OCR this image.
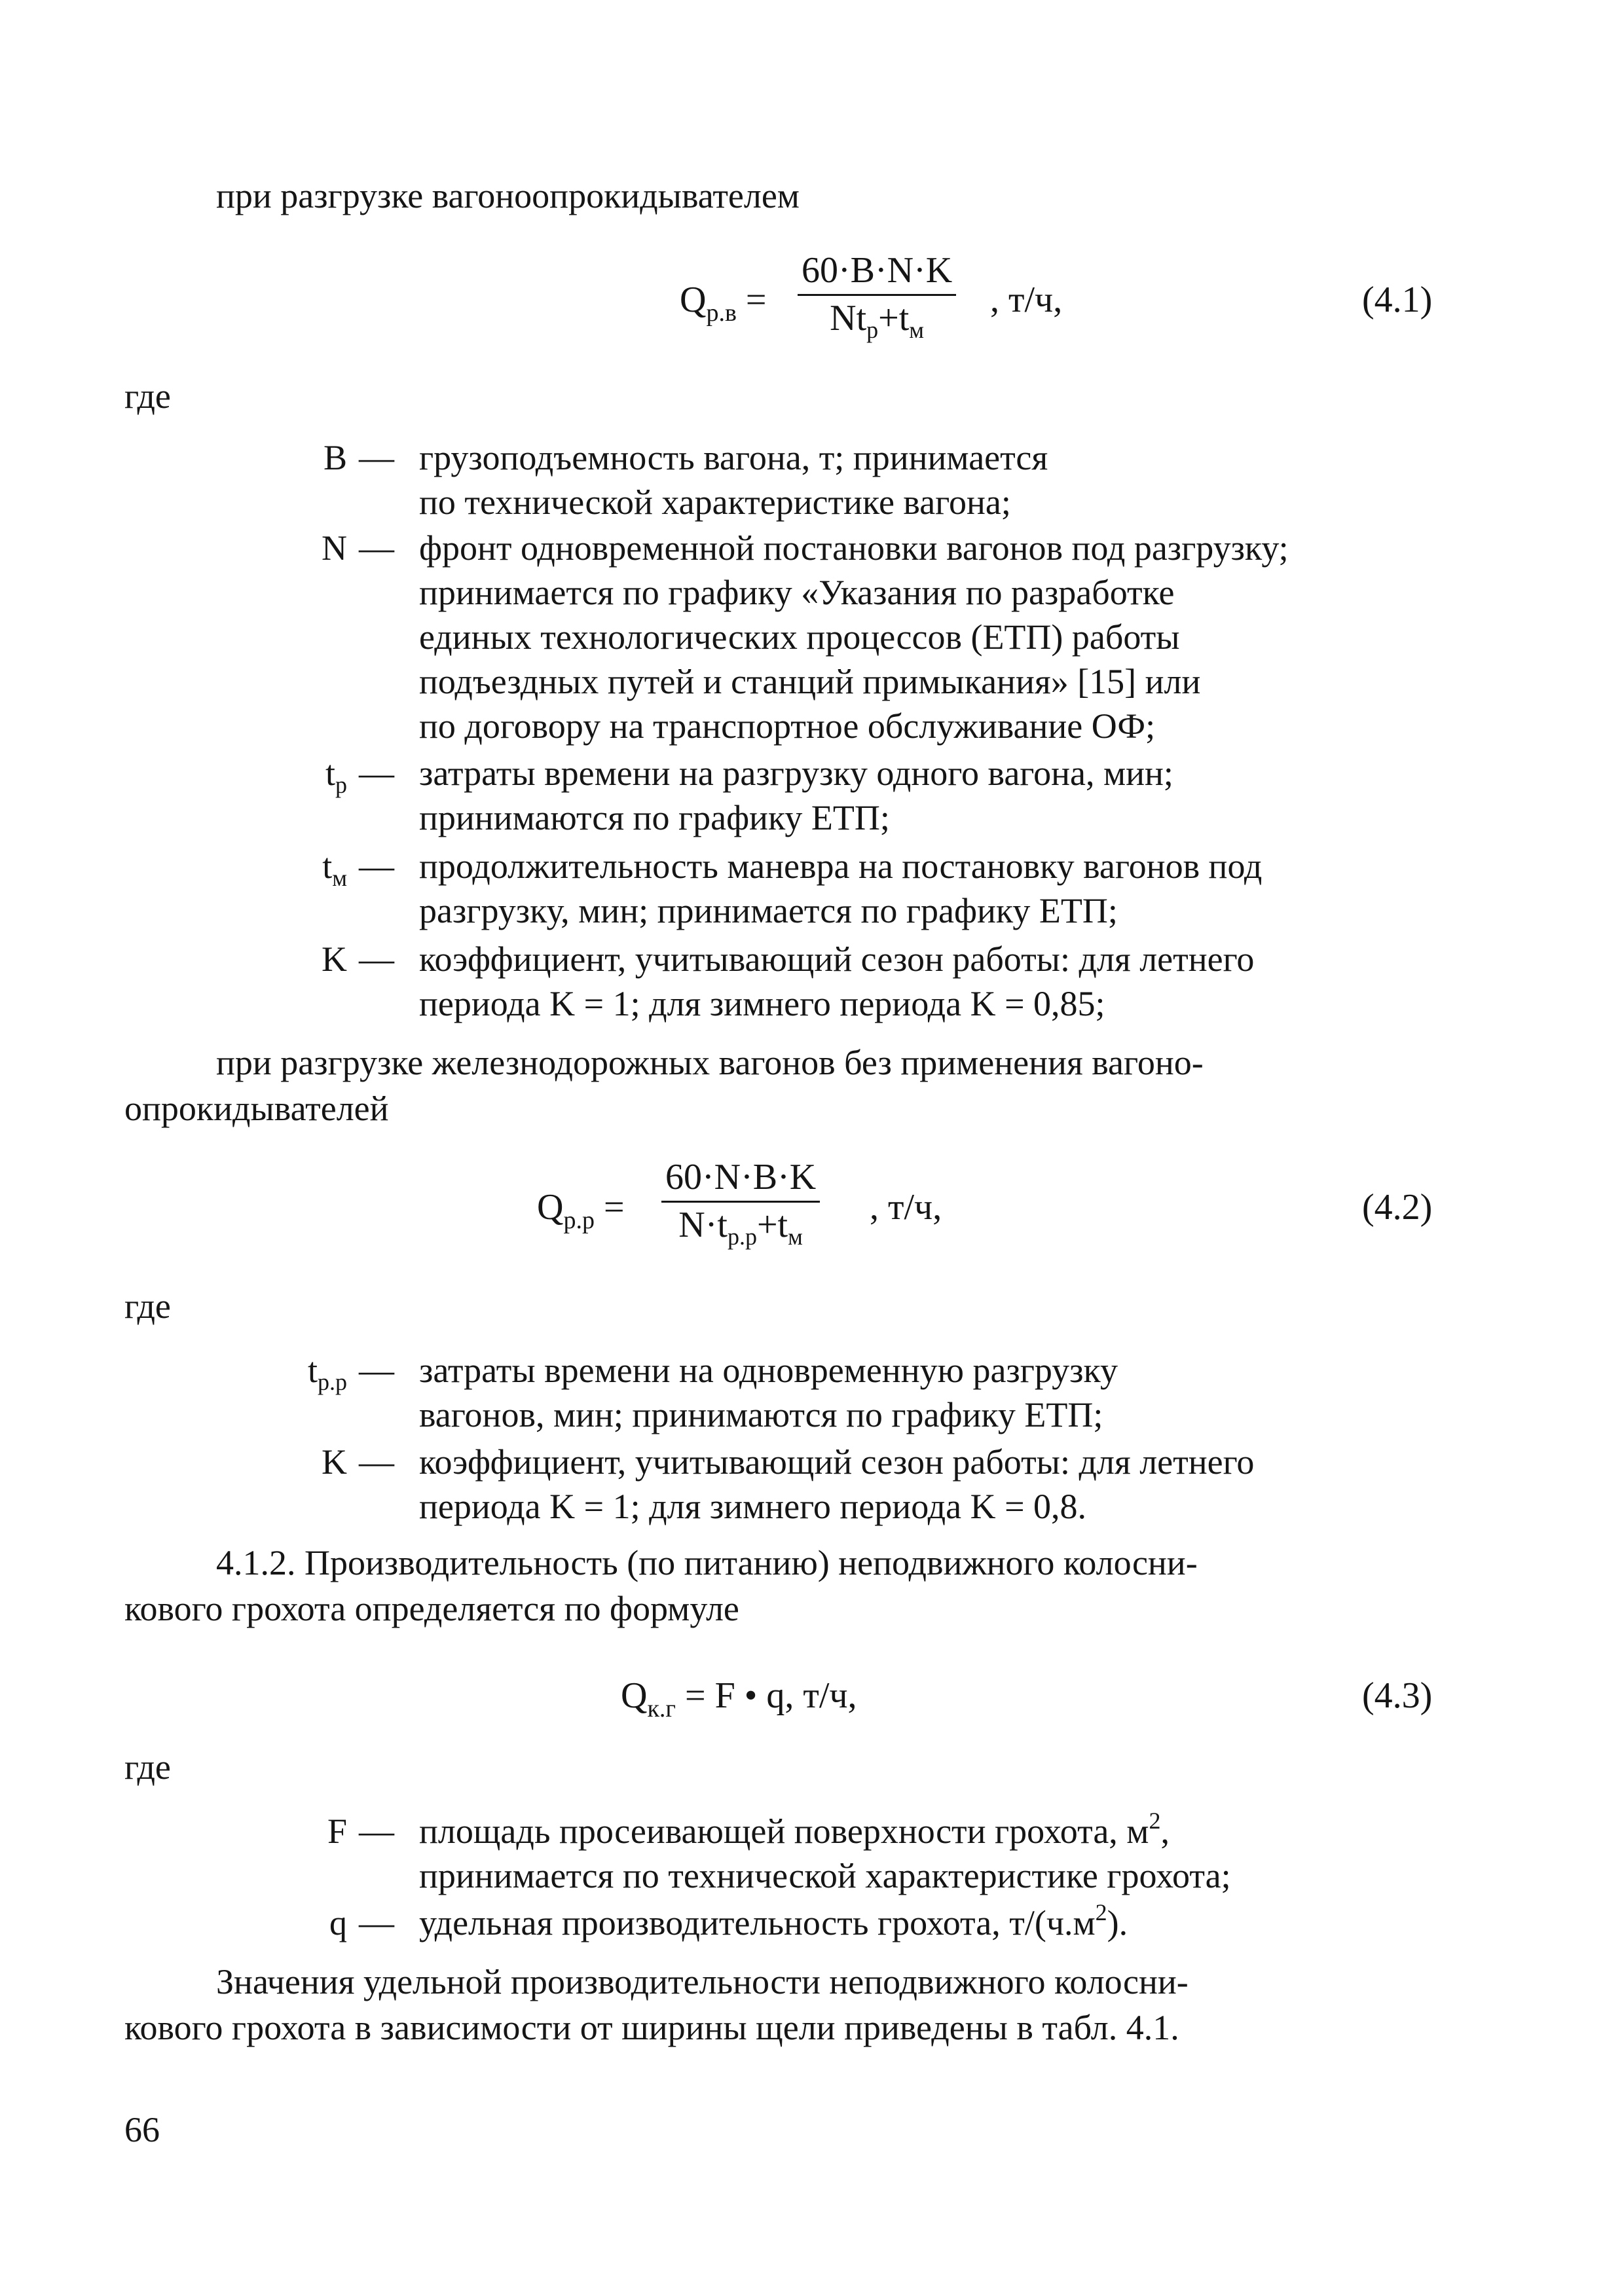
при разгрузке вагоноопрокидывателем
$Q_{р.в}$ =
60·B·N·K
$Nt_р+t_м$
, т/ч,	(4.1)
где
B — грузоподъемность вагона, т; принимается
по технической характеристике вагона;
N — фронт одновременной постановки вагонов под разгрузку;
принимается по графику «Указания по разработке
единых технологических процессов (ЕТП) работы
подъездных путей и станций примыкания» [15] или
по договору на транспортное обслуживание ОФ;
$t_р$ — затраты времени на разгрузку одного вагона, мин;
принимаются по графику ЕТП;
$t_м$ — продолжительность маневра на постановку вагонов под
разгрузку, мин; принимается по графику ЕТП;
K — коэффициент, учитывающий сезон работы: для летнего
периода K = 1; для зимнего периода K = 0,85;
при разгрузке железнодорожных вагонов без применения вагоно-
опрокидывателей
$Q_{р.р}$ =
60·N·B·K
$N\cdot t_{р.р}+t_м$
, т/ч,	(4.2)
где
$t_{р.р}$ — затраты времени на одновременную разгрузку
вагонов, мин; принимаются по графику ЕТП;
K — коэффициент, учитывающий сезон работы: для летнего
периода K = 1; для зимнего периода K = 0,8.
4.1.2. Производительность (по питанию) неподвижного колосни-
кового грохота определяется по формуле
$Q_{к.г} = F$ • q, т/ч,	(4.3)
где
F — площадь просеивающей поверхности грохота, $м^2$,
принимается по технической характеристике грохота;
q — удельная производительность грохота, $т/(ч.м^2)$.
Значения удельной производительности неподвижного колосни-
кового грохота в зависимости от ширины щели приведены в табл. 4.1.
66
